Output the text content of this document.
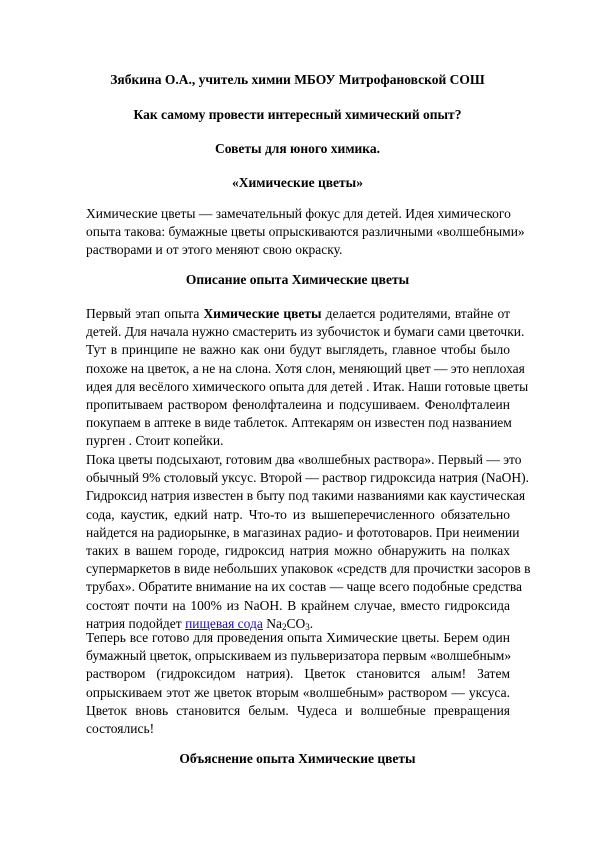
Зябкина О.А., учитель химии МБОУ Митрофановской СОШ
Как самому провести интересный химический опыт?
Советы для юного химика.
«Химические цветы»
Химические цветы — замечательный фокус для детей. Идея химического
опыта такова: бумажные цветы опрыскиваются различными «волшебными»
растворами и от этого меняют свою окраску.
Описание опыта Химические цветы
Первый этап опыта Химические цветы делается родителями, втайне от
детей. Для начала нужно смастерить из зубочисток и бумаги сами цветочки.
Тут в принципе не важно как они будут выглядеть, главное чтобы было
похоже на цветок, а не на слона. Хотя слон, меняющий цвет — это неплохая
идея для весёлого химического опыта для детей . Итак. Наши готовые цветы
пропитываем раствором фенолфталеина и подсушиваем. Фенолфталеин
покупаем в аптеке в виде таблеток. Аптекарям он известен под названием
пурген . Стоит копейки.
Пока цветы подсыхают, готовим два «волшебных раствора». Первый — это
обычный 9% столовый уксус. Второй — раствор гидроксида натрия (NaOH).
Гидроксид натрия известен в быту под такими названиями как каустическая
сода, каустик, едкий натр. Что-то из вышеперечисленного обязательно
найдется на радиорынке, в магазинах радио- и фототоваров. При неимении
таких в вашем городе, гидроксид натрия можно обнаружить на полках
супермаркетов в виде небольших упаковок «средств для прочистки засоров в
трубах». Обратите внимание на их состав — чаще всего подобные средства
состоят почти на 100% из NaOH. В крайнем случае, вместо гидроксида
натрия подойдет пищевая сода $Na_2CO_3$.
Теперь все готово для проведения опыта Химические цветы. Берем один
бумажный цветок, опрыскиваем из пульверизатора первым «волшебным»
раствором (гидроксидом натрия). Цветок становится алым! Затем
опрыскиваем этот же цветок вторым «волшебным» раствором — уксуса.
Цветок вновь становится белым. Чудеса и волшебные превращения
состоялись!
Объяснение опыта Химические цветы
